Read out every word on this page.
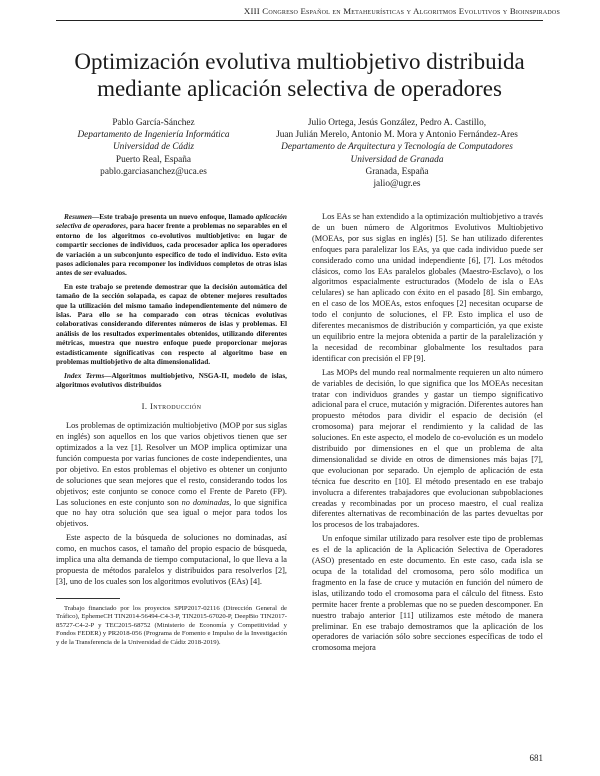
XIII Congreso Español en Metaheurísticas y Algoritmos Evolutivos y Bioinspirados
Optimización evolutiva multiobjetivo distribuida mediante aplicación selectiva de operadores
Pablo García-Sánchez
Departamento de Ingeniería Informática
Universidad de Cádiz
Puerto Real, España
pablo.garciasanchez@uca.es
Julio Ortega, Jesús González, Pedro A. Castillo,
Juan Julián Merelo, Antonio M. Mora y Antonio Fernández-Ares
Departamento de Arquitectura y Tecnología de Computadores
Universidad de Granada
Granada, España
jalio@ugr.es

Resumen—Este trabajo presenta un nuevo enfoque, llamado aplicación selectiva de operadores, para hacer frente a problemas no separables en el entorno de los algoritmos co-evolutivos multiobjetivo: en lugar de compartir secciones de individuos, cada procesador aplica los operadores de variación a un subconjunto específico de todo el individuo. Esto evita pasos adicionales para recomponer los individuos completos de otras islas antes de ser evaluados.

En este trabajo se pretende demostrar que la decisión automática del tamaño de la sección solapada, es capaz de obtener mejores resultados que la utilización del mismo tamaño independientemente del número de islas. Para ello se ha comparado con otras técnicas evolutivas colaborativas considerando diferentes números de islas y problemas. El análisis de los resultados experimentales obtenidos, utilizando diferentes métricas, muestra que nuestro enfoque puede proporcionar mejoras estadísticamente significativas con respecto al algoritmo base en problemas multiobjetivo de alta dimensionalidad.

Index Terms—Algoritmos multiobjetivo, NSGA-II, modelo de islas, algoritmos evolutivos distribuidos

I. Introducción

Los problemas de optimización multiobjetivo (MOP por sus siglas en inglés) son aquellos en los que varios objetivos tienen que ser optimizados a la vez [1]. Resolver un MOP implica optimizar una función compuesta por varias funciones de coste independientes, una por objetivo. En estos problemas el objetivo es obtener un conjunto de soluciones que sean mejores que el resto, considerando todos los objetivos; este conjunto se conoce como el Frente de Pareto (FP). Las soluciones en este conjunto son no dominadas, lo que significa que no hay otra solución que sea igual o mejor para todos los objetivos.

Este aspecto de la búsqueda de soluciones no dominadas, así como, en muchos casos, el tamaño del propio espacio de búsqueda, implica una alta demanda de tiempo computacional, lo que lleva a la propuesta de métodos paralelos y distribuidos para resolverlos [2], [3], uno de los cuales son los algoritmos evolutivos (EAs) [4].

Trabajo financiado por los proyectos SPIP2017-02116 (Dirección General de Tráfico), EphemeCH TIN2014-56494-C4-3-P, TIN2015-67020-P, DeepBio TIN2017-85727-C4-2-P y TEC2015-68752 (Ministerio de Economía y Competitividad y Fondos FEDER) y PR2018-056 (Programa de Fomento e Impulso de la Investigación y de la Transferencia de la Universidad de Cádiz 2018-2019).

Los EAs se han extendido a la optimización multiobjetivo a través de un buen número de Algoritmos Evolutivos Multiobjetivo (MOEAs, por sus siglas en inglés) [5]. Se han utilizado diferentes enfoques para paralelizar los EAs, ya que cada individuo puede ser considerado como una unidad independiente [6], [7]. Los métodos clásicos, como los EAs paralelos globales (Maestro-Esclavo), o los algoritmos espacialmente estructurados (Modelo de isla o EAs celulares) se han aplicado con éxito en el pasado [8]. Sin embargo, en el caso de los MOEAs, estos enfoques [2] necesitan ocuparse de todo el conjunto de soluciones, el FP. Esto implica el uso de diferentes mecanismos de distribución y compartición, ya que existe un equilibrio entre la mejora obtenida a partir de la paralelización y la necesidad de recombinar globalmente los resultados para identificar con precisión el FP [9].

Las MOPs del mundo real normalmente requieren un alto número de variables de decisión, lo que significa que los MOEAs necesitan tratar con individuos grandes y gastar un tiempo significativo adicional para el cruce, mutación y migración. Diferentes autores han propuesto métodos para dividir el espacio de decisión (el cromosoma) para mejorar el rendimiento y la calidad de las soluciones. En este aspecto, el modelo de co-evolución es un modelo distribuido por dimensiones en el que un problema de alta dimensionalidad se divide en otros de dimensiones más bajas [7], que evolucionan por separado. Un ejemplo de aplicación de esta técnica fue descrito en [10]. El método presentado en ese trabajo involucra a diferentes trabajadores que evolucionan subpoblaciones creadas y recombinadas por un proceso maestro, el cual realiza diferentes alternativas de recombinación de las partes devueltas por los procesos de los trabajadores.

Un enfoque similar utilizado para resolver este tipo de problemas es el de la aplicación de la Aplicación Selectiva de Operadores (ASO) presentado en este documento. En este caso, cada isla se ocupa de la totalidad del cromosoma, pero sólo modifica un fragmento en la fase de cruce y mutación en función del número de islas, utilizando todo el cromosoma para el cálculo del fitness. Esto permite hacer frente a problemas que no se pueden descomponer. En nuestro trabajo anterior [11] utilizamos este método de manera preliminar. En ese trabajo demostramos que la aplicación de los operadores de variación sólo sobre secciones específicas de todo el cromosoma mejora

681
